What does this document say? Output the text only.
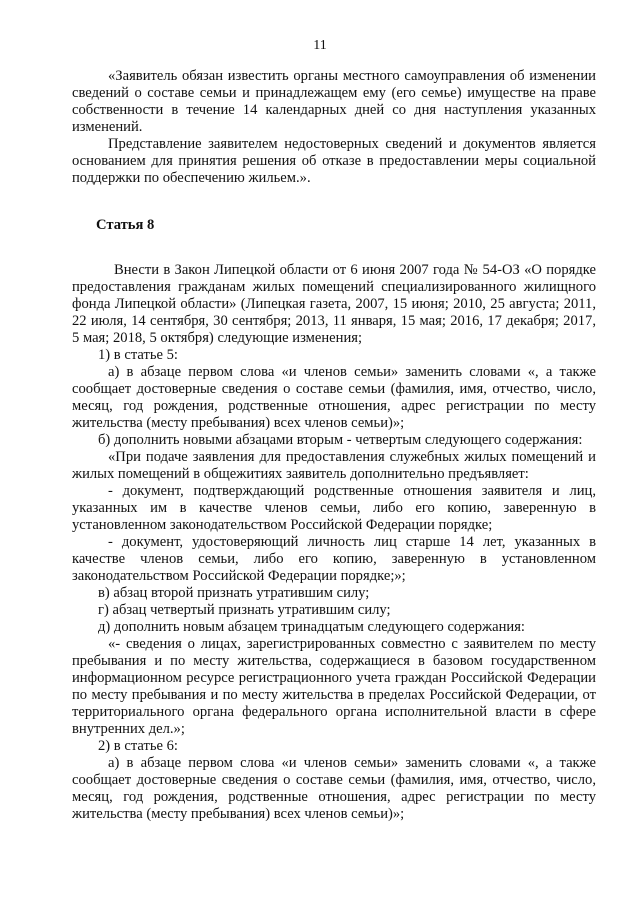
11

«Заявитель обязан известить органы местного самоуправления об изменении сведений о составе семьи и принадлежащем ему (его семье) имуществе на праве собственности в течение 14 календарных дней со дня наступления указанных изменений.

Представление заявителем недостоверных сведений и документов является основанием для принятия решения об отказе в предоставлении меры социальной поддержки по обеспечению жильем.».

Статья 8

Внести в Закон Липецкой области от 6 июня 2007 года № 54-ОЗ «О порядке предоставления гражданам жилых помещений специализированного жилищного фонда Липецкой области» (Липецкая газета, 2007, 15 июня; 2010, 25 августа; 2011, 22 июля, 14 сентября, 30 сентября; 2013, 11 января, 15 мая; 2016, 17 декабря; 2017, 5 мая; 2018, 5 октября) следующие изменения;

1) в статье 5:

а) в абзаце первом слова «и членов семьи» заменить словами «, а также сообщает достоверные сведения о составе семьи (фамилия, имя, отчество, число, месяц, год рождения, родственные отношения, адрес регистрации по месту жительства (месту пребывания) всех членов семьи)»;

б) дополнить новыми абзацами вторым - четвертым следующего содержания:

«При подаче заявления для предоставления служебных жилых помещений и жилых помещений в общежитиях заявитель дополнительно предъявляет:

- документ, подтверждающий родственные отношения заявителя и лиц, указанных им в качестве членов семьи, либо его копию, заверенную в установленном законодательством Российской Федерации порядке;

- документ, удостоверяющий личность лиц старше 14 лет, указанных в качестве членов семьи, либо его копию, заверенную в установленном законодательством Российской Федерации порядке;»;

в) абзац второй признать утратившим силу;

г) абзац четвертый признать утратившим силу;

д) дополнить новым абзацем тринадцатым следующего содержания:

«- сведения о лицах, зарегистрированных совместно с заявителем по месту пребывания и по месту жительства, содержащиеся в базовом государственном информационном ресурсе регистрационного учета граждан Российской Федерации по месту пребывания и по месту жительства в пределах Российской Федерации, от территориального органа федерального органа исполнительной власти в сфере внутренних дел.»;

2) в статье 6:

а) в абзаце первом слова «и членов семьи» заменить словами «, а также сообщает достоверные сведения о составе семьи (фамилия, имя, отчество, число, месяц, год рождения, родственные отношения, адрес регистрации по месту жительства (месту пребывания) всех членов семьи)»;
